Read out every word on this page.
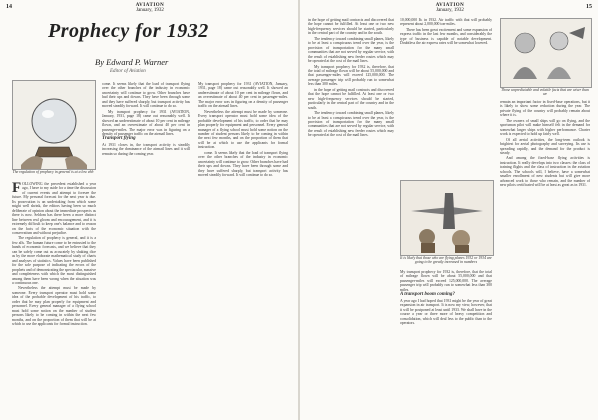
14	AVIATION
January, 1932
Prophecy for 1932
By Edward P. Warner
Editor of Aviation
The regulation of prophecy in general is at a low ebb

FOLLOWING the precedent established a year ago, I have to my aside for a time the discussion of current events and attempt to foresee the future. My personal forecast for the next year is due. Its prosecution is an undertaking from which some might well shrink, the editors having been so much deliberate of opinion about the immediate prospects as there is now. Seldom has there been a more distinct line between real gloom and encouragement, and it is extremely difficult to keep one's balance and to reason on the facts of the economic situation with the conservatism and without prejudice.

The regulation of prophecy is general, and it is a few alls. The human future come to be entrusted to the hands of economic forecasts, and we believe that they can be safely come out as accurately by shaking dice as by the more elaborate mathematical study of charts and analyses of statistics. Values have been published for the sole purpose of indicating the errors of the prophets and of demonstrating the spectacular, massive and completeness with which the most distinguished among them have been wrong when the situation was a continuous one.

Nevertheless the attempt must be made by someone. Every transport operator must hold some idea of the probable development of his traffic, to order that he may plan properly for equipment and personnel. Every general manager of a flying school must hold some notion on the number of student persons likely to be coming in within the next few months, and on the proportion of them that will be at which to use the applicants for formal instruction.

come. It seems likely that the load of transport flying over the other branches of the industry in economic uncertainty will continue to grow. Other branches have had their ups and downs. They have been through some and they have suffered sharply, but transport activity has moved steadily forward. It will continue to do so.

My transport prophecy for 1931 (AVIATION, January, 1931, page 18) came out reasonably well. It showed an underestimate of about 10 per cent in mileage flown, and an overestimate of about 40 per cent in passenger-miles. The major error was in figuring on a density of passenger traffic on the airmail lines.

Transport flying

At 1931 closes in, the transport activity is steadily increasing the dominance of the airmail lines and it will remain so during the coming year.

My transport prophecy for 1931 (AVIATION, January, 1931, page 18) came out reasonably well. It showed an underestimate of about 10 per cent in mileage flown, and an overestimate of about 40 per cent in passenger-miles. The major error was in figuring on a density of passenger traffic on the airmail lines.

Nevertheless the attempt must be made by someone. Every transport operator must hold some idea of the probable development of his traffic, to order that he may plan properly for equipment and personnel. Every general manager of a flying school must hold some notion on the number of student persons likely to be coming in within the next few months, and on the proportion of them that will be at which to use the applicants for formal instruction.

come. It seems likely that the load of transport flying over the other branches of the industry in economic uncertainty will continue to grow. Other branches have had their ups and downs. They have been through some and they have suffered sharply, but transport activity has moved steadily forward. It will continue to do so.

AVIATION
January, 1932
15

in the hope of getting mail contracts and discovered that the hope cannot be fulfilled. At least one or two new high-frequency services should be started, particularly in the central part of the country and in the south.

The tendency toward combining small planes, likely to be at least a conspicuous trend over the year, is the provision of transportation for the many small communities that are not served by regular service, with the result of establishing new feeder routes which may be operated at the cost of the mail lines.

My transport prophecy for 1932 is, therefore, that the total of mileage flown will be about 55,000,000 and that passenger-miles will exceed 125,000,000. The average passenger trip will probably run to somewhat less than 300 miles.

in the hope of getting mail contracts and discovered that the hope cannot be fulfilled. At least one or two new high-frequency services should be started, particularly in the central part of the country and in the south.

The tendency toward combining small planes, likely to be at least a conspicuous trend over the year, is the provision of transportation for the many small communities that are not served by regular service, with the result of establishing new feeder routes which may be operated at the cost of the mail lines.

10,000,000 lb. in 1932. Air traffic with that will probably represent about 2,000,000 ton-miles.

There has been great excitement and some expansion of express traffic in the last few months, and considerably the type of business is capable of notable development. Doubtless the air express rates will be somewhat lowered.

It is likely that those who are flying planes 1932 or 1934 are going to be greatly increased in numbers

My transport prophecy for 1932 is, therefore, that the total of mileage flown will be about 55,000,000 and that passenger-miles will exceed 125,000,000. The average passenger trip will probably run to somewhat less than 300 miles.

A transport boom coming?

A year ago I had hoped that 1931 might be the year of great expansion in air transport. It is now my view, however, that it will be postponed at least until 1933. We shall have in the course a year or three more of heavy competition and consolidation, which will deal less to the public than to the operators.

Those unpredictable and volatile facts that are wiser than we

remain an important factor in fixed-base operations, but it is likely to show some reduction during the year. The private flying of the country will probably remain about where it is.

The owners of small ships will go on flying, and the sportsman pilot will make himself felt in the demand for somewhat larger ships with higher performance. Charter work is expected to hold up fairly well.

Of all aerial activities, the long-term outlook is brightest for aerial photography and surveying. Its use is spreading rapidly, and the demand for the product is steady.

And among the fixed-base flying activities is instruction. It really develops into two classes: the class of training flights and the class of instruction in the aviation schools. The schools will, I believe, have a somewhat smaller enrollment of new students but will give more advanced work to those who remain, and the number of new pilots certificated will be at least as great as in 1931.
